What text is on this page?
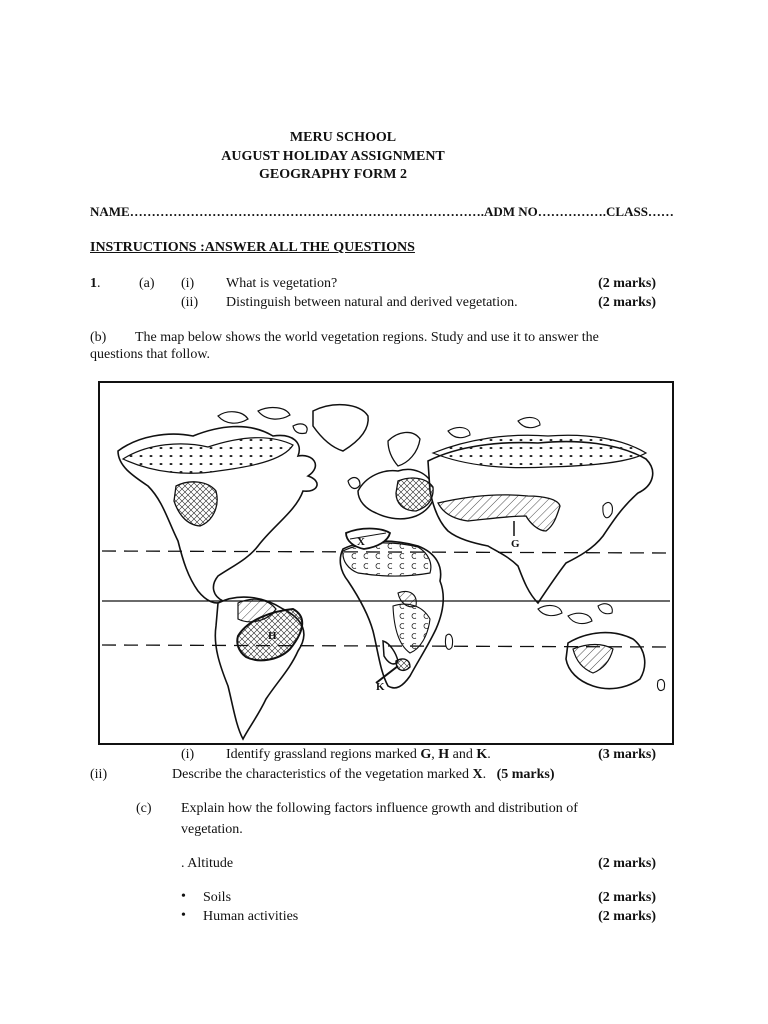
MERU SCHOOL
AUGUST HOLIDAY ASSIGNMENT
GEOGRAPHY FORM 2
NAME……………………………………………………………………….ADM NO…………….CLASS……
INSTRUCTIONS :ANSWER ALL THE QUESTIONS
1.	(a) (i) What is vegetation?	(2 marks)
(ii) Distinguish between natural and derived vegetation.	(2 marks)
(b) The map below shows the world vegetation regions. Study and use it to answer the
questions that follow.
X	G
H
K
(i) Identify grassland regions marked G, H and K.	(3 marks)
(ii)	Describe the characteristics of the vegetation marked X. (5 marks)
(c) Explain how the following factors influence growth and distribution of
vegetation.
. Altitude	(2 marks)
• Soils	(2 marks)
• Human activities	(2 marks)
